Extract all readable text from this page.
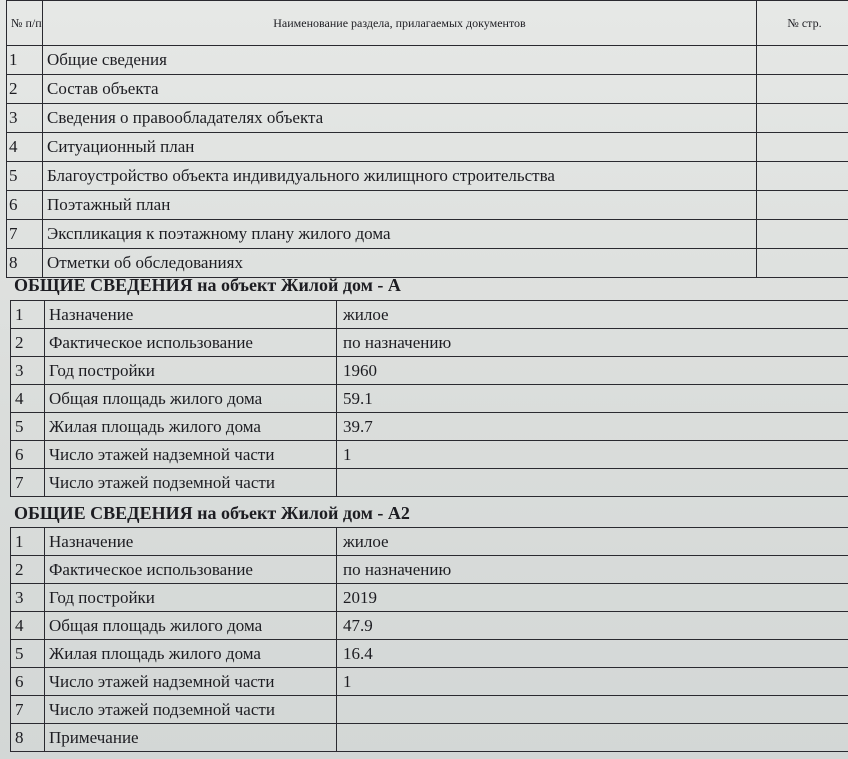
№ п/п	Наименование раздела, прилагаемых документов	№ стр.
1	Общие сведения	
2	Состав объекта	
3	Сведения о правообладателях объекта	
4	Ситуационный план	
5	Благоустройство объекта индивидуального жилищного строительства	
6	Поэтажный план	
7	Экспликация к поэтажному плану жилого дома	
8	Отметки об обследованиях	
ОБЩИЕ СВЕДЕНИЯ на объект Жилой дом - А
1	Назначение	жилое
2	Фактическое использование	по назначению
3	Год постройки	1960
4	Общая площадь жилого дома	59.1
5	Жилая площадь жилого дома	39.7
6	Число этажей надземной части	1
7	Число этажей подземной части	
ОБЩИЕ СВЕДЕНИЯ на объект Жилой дом - А2
1	Назначение	жилое
2	Фактическое использование	по назначению
3	Год постройки	2019
4	Общая площадь жилого дома	47.9
5	Жилая площадь жилого дома	16.4
6	Число этажей надземной части	1
7	Число этажей подземной части	
8	Примечание	
